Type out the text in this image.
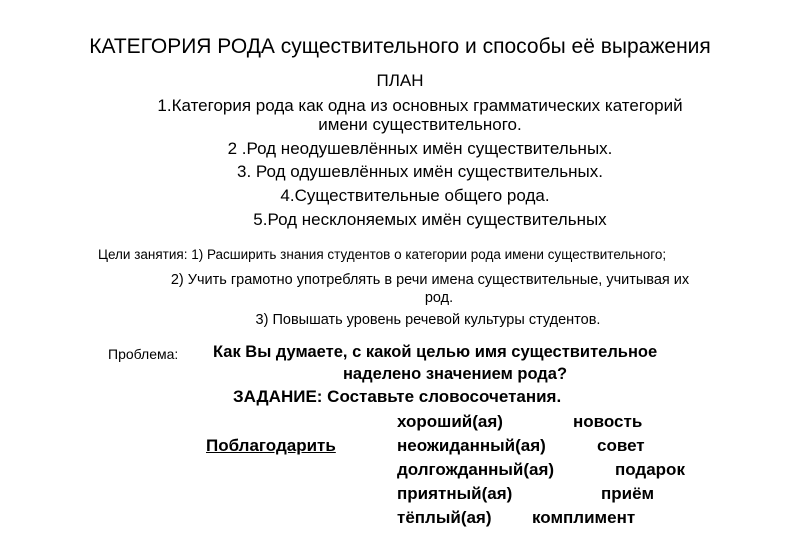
КАТЕГОРИЯ РОДА существительного и способы её выражения
ПЛАН
1.Категория рода как одна из основных грамматических категорий
имени существительного.
2 .Род неодушевлённых имён существительных.
3. Род одушевлённых имён существительных.
4.Существительные общего рода.
5.Род несклоняемых имён существительных
Цели занятия: 1) Расширить знания студентов о категории рода имени существительного;
2) Учить грамотно употреблять в речи имена существительные, учитывая их
род.
3) Повышать уровень речевой культуры студентов.
Проблема: Как Вы думаете, с какой целью имя существительное
наделено значением рода?
ЗАДАНИЕ: Составьте словосочетания.
Поблагодарить
хороший(ая)	новость
неожиданный(ая)	совет
долгожданный(ая)	подарок
приятный(ая)	приём
тёплый(ая) комплимент
